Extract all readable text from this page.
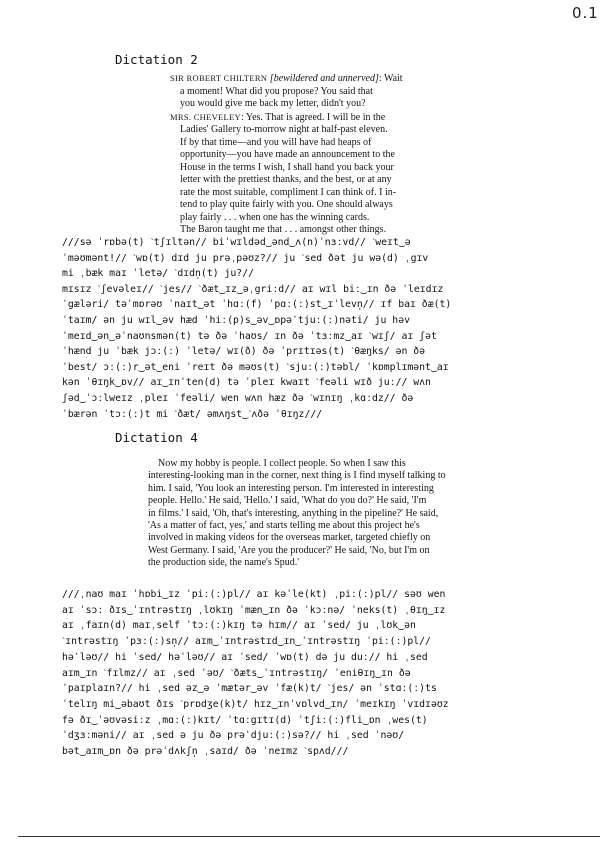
0.1
Dictation 2
SIR ROBERT CHILTERN [bewildered and unnerved]: Wait
a moment! What did you propose? You said that
you would give me back my letter, didn't you?
MRS. CHEVELEY: Yes. That is agreed. I will be in the
Ladies' Gallery to-morrow night at half-past eleven.
If by that time—and you will have had heaps of
opportunity—you have made an announcement to the
House in the terms I wish, I shall hand you back your
letter with the prettiest thanks, and the best, or at any
rate the most suitable, compliment I can think of. I in-
tend to play quite fairly with you. One should always
play fairly . . . when one has the winning cards.
The Baron taught me that . . . amongst other things.
///sə ˈrɒbə(t) ˋtʃɪltən// biˈwɪldəd‿ənd‿ʌ(n)ˈnɜːvd// ˋweɪt‿ə
ˈməʊmənt!// ˋwɒ(t) dɪd ju prəˌpəʊz?// ju ˋsed ðət ju wə(d) ˌgɪv
mi ˌbæk maɪ ˈletə/ ˋdɪdn̩(t) ju?//
mɪsɪz ˋʃevəleɪ// ˋjes// ˋðæt‿ɪz‿əˌgriːd// aɪ wɪl biː‿ɪn ðə ˈleɪdɪz
ˈgæləri/ təˈmɒrəʊ ˈnaɪt‿ət ˈhɑː(f) ˈpɑː(ː)st‿ɪˈlevn̩// ɪf baɪ ðæ(t)
ˈtaɪm/ ən ju wɪl‿əv hæd ˈhiː(p)s‿əv‿ɒpəˈtjuː(ː)nəti/ ju həv
ˈmeɪd‿ən‿əˈnaʊnsmən(t) tə ðə ˈhaʊs/ ɪn ðə ˈtɜːmz‿aɪ ˋwɪʃ/ aɪ ʃət
ˈhænd ju ˈbæk jɔː(ː) ˈletə/ wɪ(ð) ðə ˈprɪtɪəs(t) ˋθæŋks/ ən ðə
ˈbest/ ɔː(ː)r‿ət‿eni ˈreɪt ðə məʊs(t) ˋsjuː(ː)təbl/ ˈkɒmplɪmənt‿aɪ
kən ˈθɪŋk‿ɒv// aɪ‿ɪnˈten(d) tə ˈpleɪ kwaɪt ˋfeəli wɪð juː// wʌn
ʃəd‿ˈɔːlweɪz ˌpleɪ ˈfeəli/ wen wʌn hæz ðə ˋwɪnɪŋ ˌkɑːdz// ðə
ˈbærən ˈtɔː(ː)t mi ˋðæt/ əmʌŋst‿ˋʌðə ˈθɪŋz///
Dictation 4
Now my hobby is people. I collect people. So when I saw this
interesting-looking man in the corner, next thing is I find myself talking to
him. I said, 'You look an interesting person. I'm interested in interesting
people. Hello.' He said, 'Hello.' I said, 'What do you do?' He said, 'I'm
in films.' I said, 'Oh, that's interesting, anything in the pipeline?' He said,
'As a matter of fact, yes,' and starts telling me about this project he's
involved in making videos for the overseas market, targeted chiefly on
West Germany. I said, 'Are you the producer?' He said, 'No, but I'm on
the production side, the name's Spud.'
///ˌnaʊ maɪ ˈhɒbi‿ɪz ˈpiː(ː)pl// aɪ kəˈle(kt) ˌpiː(ː)pl// səʊ wen
aɪ ˈsɔː ðɪs‿ˈɪntrəstɪŋ ˌlʊkɪŋ ˈmæn‿ɪn ðə ˈkɔːnə/ ˈneks(t) ˌθɪŋ‿ɪz
aɪ ˌfaɪn(d) maɪˌself ˈtɔː(ː)kɪŋ tə hɪm// aɪ ˈsed/ ju ˌlʊk‿ən
ˋɪntrəstɪŋ ˈpɜː(ː)sn̩// aɪm‿ˈɪntrəstɪd‿ɪn‿ˈɪntrəstɪŋ ˈpiː(ː)pl//
həˈləʊ// hi ˈsed/ həˈləʊ// aɪ ˈsed/ ˈwɒ(t) də ju duː// hi ˌsed
aɪm‿ɪn ˋfɪlmz// aɪ ˌsed ˈəʊ/ ˋðæts‿ˈɪntrəstɪŋ/ ˈeniθɪŋ‿ɪn ðə
ˈpaɪplaɪn?// hi ˌsed əz‿ə ˈmætər‿əv ˈfæ(k)t/ ˋjes/ ən ˈstɑː(ː)ts
ˈtelɪŋ mi‿əbaʊt ðɪs ˋprɒdʒe(k)t/ hɪz‿ɪnˈvɒlvd‿ɪn/ ˈmeɪkɪŋ ˈvɪdɪəʊz
fə ðɪ‿ˈəʊvəsiːz ˌmɑː(ː)kɪt/ ˈtɑːgɪtɪ(d) ˈtʃiː(ː)fli‿ɒn ˌwes(t)
ˈdʒɜːməni// aɪ ˌsed ə ju ðə prəˈdjuː(ː)sə?// hi ˌsed ˈnəʊ/
bət‿aɪm‿ɒn ðə prəˈdʌkʃn̩ ˌsaɪd/ ðə ˈneɪmz ˋspʌd///
